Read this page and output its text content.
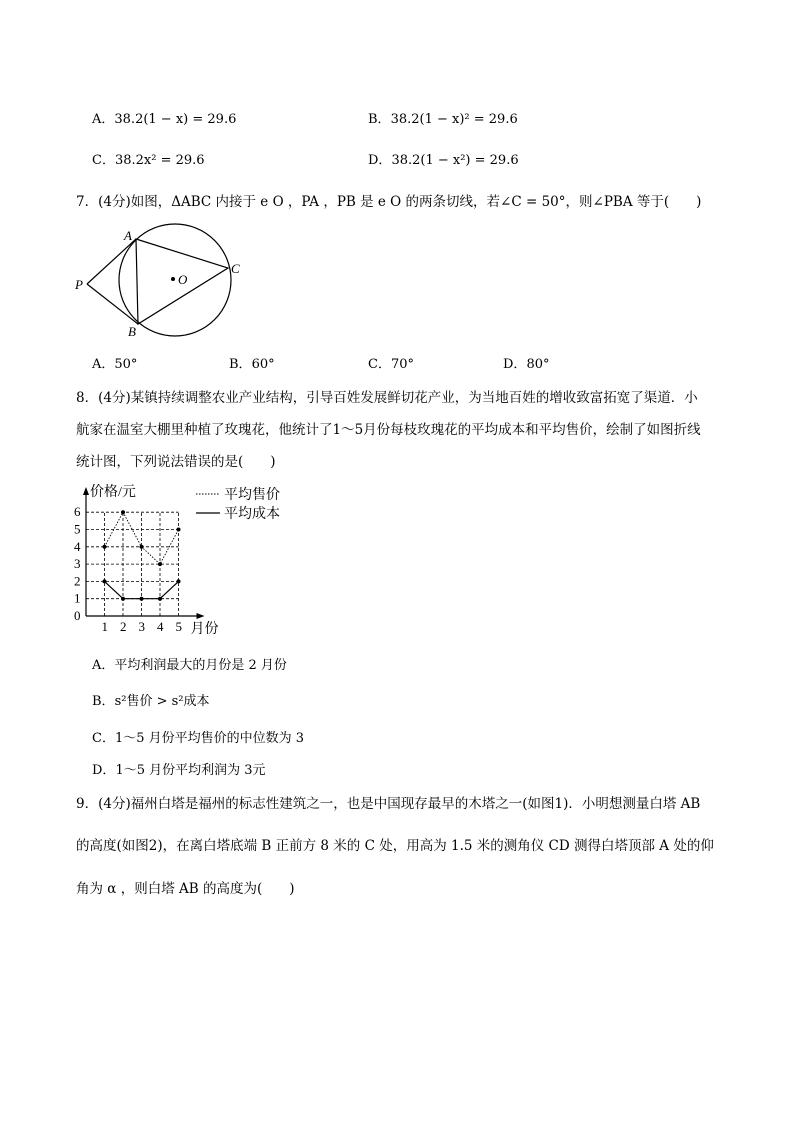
A．38.2(1 − x) = 29.6	B．38.2(1 − x)² = 29.6
C．38.2x² = 29.6	D．38.2(1 − x²) = 29.6
7．(4分)如图，ΔABC 内接于 e O ，PA ，PB 是 e O 的两条切线，若∠C = 50°，则∠PBA 等于(　　)
A
B
C
O
P
A．50°	B．60°	C．70°	D．80°
8．(4分)某镇持续调整农业产业结构，引导百姓发展鲜切花产业，为当地百姓的增收致富拓宽了渠道．小
航家在温室大棚里种植了玫瑰花，他统计了1～5月份每枝玫瑰花的平均成本和平均售价，绘制了如图折线
统计图，下列说法错误的是(　　)
0
1
2
3
4
5
6
1 2 3 4 5
价格/元
月份
平均售价
平均成本
A．平均利润最大的月份是 2 月份
B．s²售价 > s²成本
C．1～5 月份平均售价的中位数为 3
D．1～5 月份平均利润为 3元
9．(4分)福州白塔是福州的标志性建筑之一，也是中国现存最早的木塔之一(如图1)．小明想测量白塔 AB
的高度(如图2)，在离白塔底端 B 正前方 8 米的 C 处，用高为 1.5 米的测角仪 CD 测得白塔顶部 A 处的仰
角为 α ，则白塔 AB 的高度为(　　)
